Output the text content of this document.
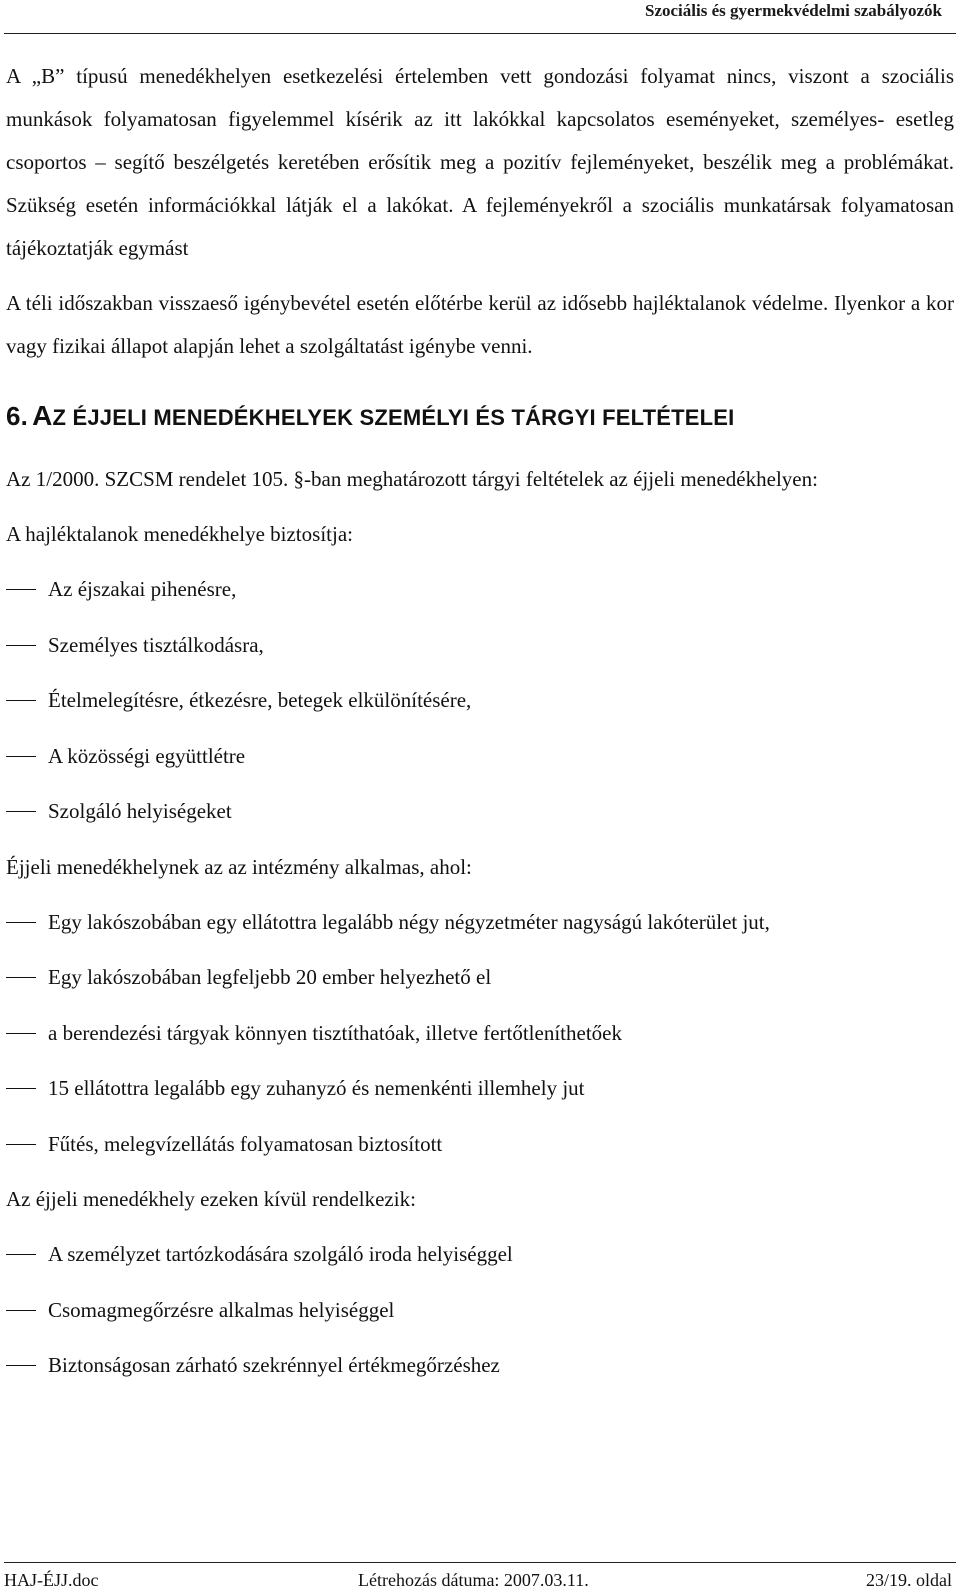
Szociális és gyermekvédelmi szabályozók

A „B” típusú menedékhelyen esetkezelési értelemben vett gondozási folyamat nincs, viszont a szociális munkások folyamatosan figyelemmel kísérik az itt lakókkal kapcsolatos eseményeket, személyes- esetleg csoportos – segítő beszélgetés keretében erősítik meg a pozitív fejleményeket, beszélik meg a problémákat. Szükség esetén információkkal látják el a lakókat. A fejleményekről a szociális munkatársak folyamatosan tájékoztatják egymást

A téli időszakban visszaeső igénybevétel esetén előtérbe kerül az idősebb hajléktalanok védelme. Ilyenkor a kor vagy fizikai állapot alapján lehet a szolgáltatást igénybe venni.

6. AZ ÉJJELI MENEDÉKHELYEK SZEMÉLYI ÉS TÁRGYI FELTÉTELEI

Az 1/2000. SZCSM rendelet 105. §-ban meghatározott tárgyi feltételek az éjjeli menedékhelyen:

A hajléktalanok menedékhelye biztosítja:

Az éjszakai pihenésre,
Személyes tisztálkodásra,
Ételmelegítésre, étkezésre, betegek elkülönítésére,
A közösségi együttlétre
Szolgáló helyiségeket

Éjjeli menedékhelynek az az intézmény alkalmas, ahol:

Egy lakószobában egy ellátottra legalább négy négyzetméter nagyságú lakóterület jut,
Egy lakószobában legfeljebb 20 ember helyezhető el
a berendezési tárgyak könnyen tisztíthatóak, illetve fertőtleníthetőek
15 ellátottra legalább egy zuhanyzó és nemenkénti illemhely jut
Fűtés, melegvízellátás folyamatosan biztosított

Az éjjeli menedékhely ezeken kívül rendelkezik:

A személyzet tartózkodására szolgáló iroda helyiséggel
Csomagmegőrzésre alkalmas helyiséggel
Biztonságosan zárható szekrénnyel értékmegőrzéshez
HAJ-ÉJJ.doc	Létrehozás dátuma: 2007.03.11.	23/19. oldal
